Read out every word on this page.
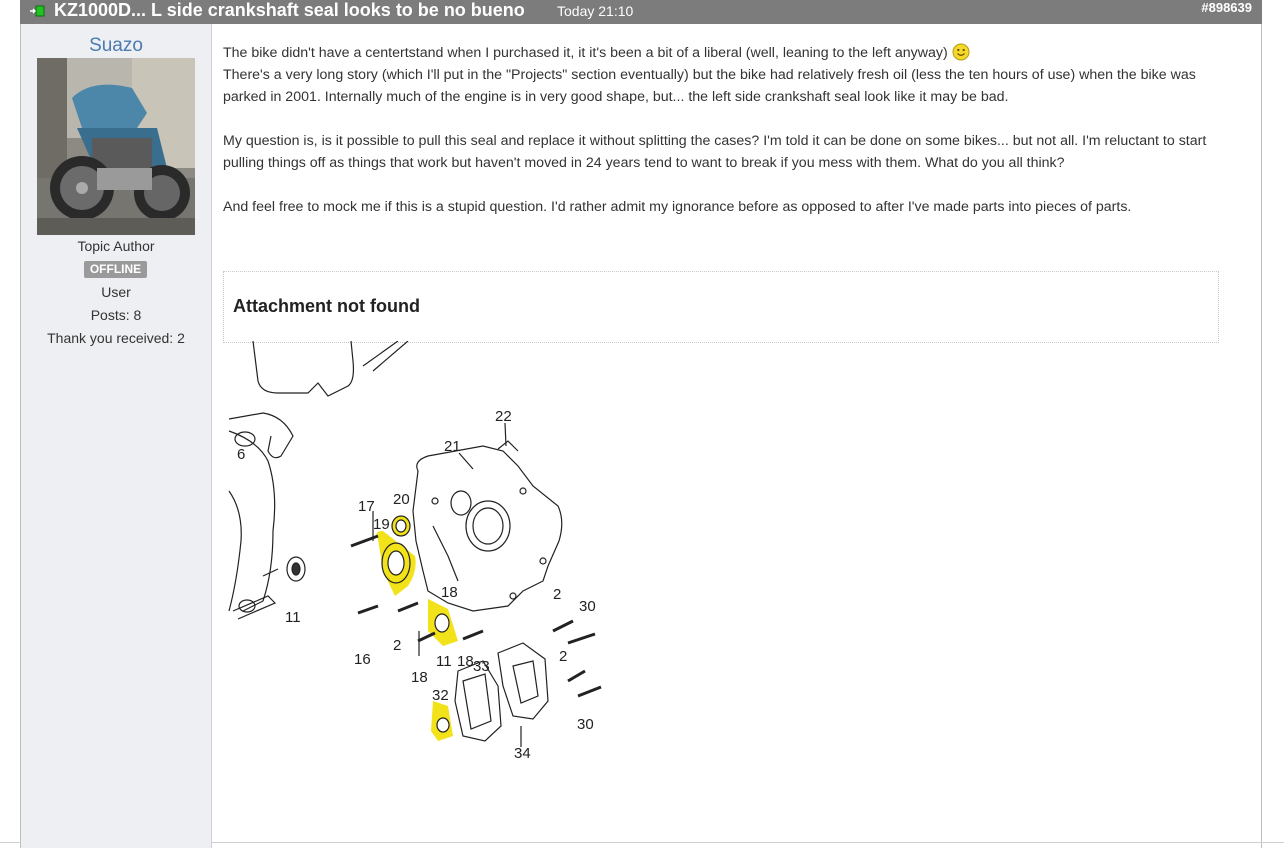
KZ1000D... L side crankshaft seal looks to be no bueno Today 21:10	#898639
Suazo
Topic Author
OFFLINE
User
Posts: 8
Thank you received: 2

The bike didn't have a centertstand when I purchased it, it it's been a bit of a liberal (well, leaning to the left anyway)
There's a very long story (which I'll put in the "Projects" section eventually) but the bike had relatively fresh oil (less the ten hours of use) when the bike was parked in 2001. Internally much of the engine is in very good shape, but... the left side crankshaft seal look like it may be bad.

My question is, is it possible to pull this seal and replace it without splitting the cases? I'm told it can be done on some bikes... but not all. I'm reluctant to start pulling things off as things that work but haven't moved in 24 years tend to want to break if you mess with them. What do you all think?

And feel free to mock me if this is a stupid question. I'd rather admit my ignorance before as opposed to after I've made parts into pieces of parts.

Attachment not found
22
21
6
17 20
19
11
18	2
30
16
2
11 18 33
2
18
32
30
34
